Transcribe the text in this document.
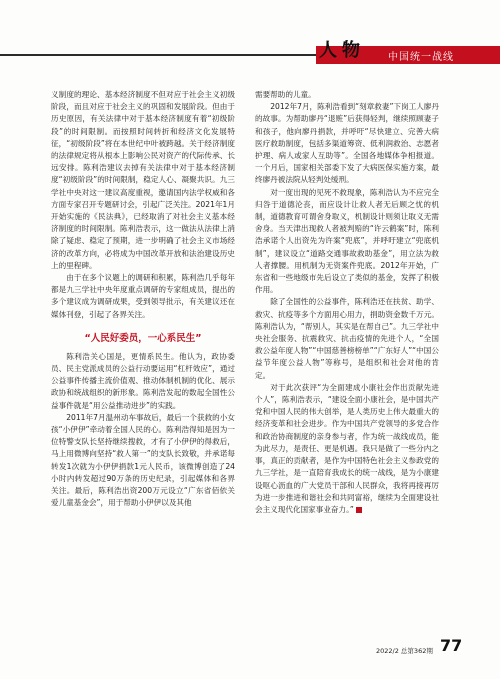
人物 中国统一战线

义制度的理论、基本经济制度不但对应于社会主义初级阶段，而且对应于社会主义的巩固和发展阶段。但由于历史原因，有关法律中对于基本经济制度有着“初级阶段”的时间限制。而按照时间转折和经济文化发展特征，“初级阶段”将在本世纪中叶被跨越。关于经济制度的法律规定将从根本上影响公民对资产的代际传承、长远安排。陈利浩建议去掉有关法律中对于基本经济制度“初级阶段”的时间限制，稳定人心、凝聚共识。九三学社中央对这一建议高度重视，邀请国内法学权威和各方面专家召开专题研讨会，引起广泛关注。2021年1月开始实施的《民法典》，已经取消了对社会主义基本经济制度的时间限制。陈利浩表示，这一做法从法律上消除了疑虑、稳定了预期，进一步明确了社会主义市场经济的改革方向，必将成为中国改革开放和法治建设历史上的里程碑。

由于在多个议题上的调研和积累，陈利浩几乎每年都是九三学社中央年度重点调研的专家组成员，提出的多个建议成为调研成果，受到领导批示，有关建议还在媒体刊登，引起了各界关注。

“人民好委员，一心系民生”

陈利浩关心国是，更情系民生。他认为，政协委员、民主党派成员的公益行动要运用“杠杆效应”，通过公益事件传播主流价值观、推动体制机制的优化、展示政协和统战组织的新形象。陈利浩发起的数起全国性公益事件就是“用公益推动进步”的实践。

2011年7月温州动车事故后，最后一个获救的小女孩“小伊伊”牵动着全国人民的心。陈利浩得知是因为一位特警支队长坚持继续搜救，才有了小伊伊的得救后，马上用微博向坚持“救人第一”的支队长致敬，并承诺每转发1次就为小伊伊捐款1元人民币，该微博创造了24小时内转发超过90万条的历史纪录，引起媒体和各界关注。最后，陈利浩出资200万元设立“广东省佰依关爱儿童基金会”，用于帮助小伊伊以及其他

需要帮助的儿童。

2012年7月，陈利浩看到“刻章救妻”下岗工人廖丹的故事。为帮助廖丹“退赃”后获得轻判，继续照顾妻子和孩子，他向廖丹捐款，并呼吁“尽快建立、完善大病医疗救助制度，包括多渠道筹资、低利润救治、志愿者护理、病人或家人互助等”。全国各地媒体争相报道。一个月后，国家相关部委下发了大病医保实施方案，最终廖丹被法院从轻判处缓刑。

对一度出现的见死不救现象，陈利浩认为不应完全归咎于道德沦丧，而应设计让救人者无后顾之忧的机制，道德教育可谓舍身取义，机制设计则须让取义无需舍身。当天津出现救人者被判赔的“许云鹤案”时，陈利浩承诺个人出资先为许案“兜底”，并呼吁建立“兜底机制”，建议设立“道路交通事故救助基金”，用立法为救人者撑腰。用机制为无资案件兜底。2012年开始，广东省和一些地级市先后设立了类似的基金，发挥了积极作用。

除了全国性的公益事件，陈利浩还在扶贫、助学、救灾、抗疫等多个方面用心用力，捐助资金数千万元。陈利浩认为，“帮别人，其实是在帮自己”。九三学社中央社会服务、抗震救灾、抗击疫情的先进个人，“全国救公益年度人物”“中国慈善榜榜单”“广东好人”“中国公益节年度公益人物”等称号，是组织和社会对他的肯定。

对于此次获评“为全面建成小康社会作出贡献先进个人”，陈利浩表示，“建设全面小康社会，是中国共产党和中国人民的伟大创举，是人类历史上伟大最重大的经济变革和社会进步。作为中国共产党领导的多党合作和政治协商制度的亲身参与者，作为统一战线成员，能为此尽力，是责任、更是机遇。我只是做了一些分内之事，真正的贡献者，是作为中国特色社会主义参政党的九三学社，是一直陪育我成长的统一战线，是为小康建设呕心沥血的广大党员干部和人民群众，我将再接再厉为进一步推进和谐社会和共同富裕，继续为全面建设社会主义现代化国家事业奋力。”

2022/2 总第362期 77
